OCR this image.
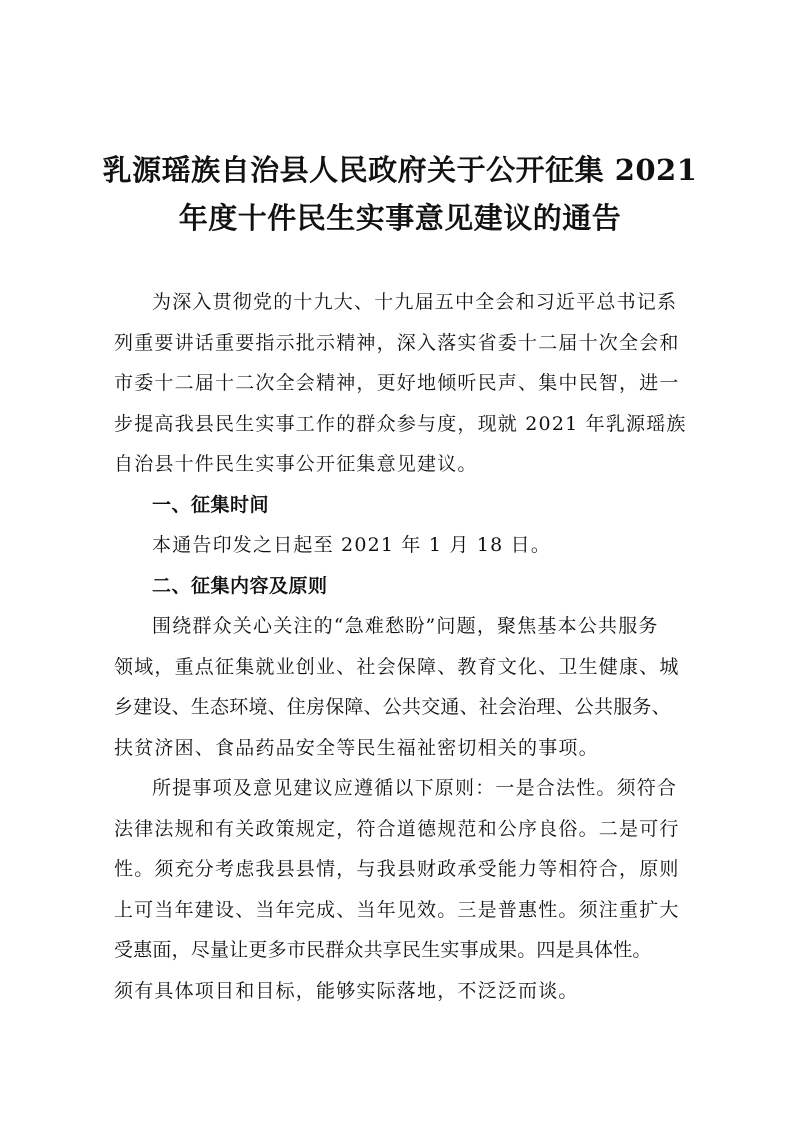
乳源瑶族自治县人民政府关于公开征集 2021
年度十件民生实事意见建议的通告
为深入贯彻党的十九大、十九届五中全会和习近平总书记系
列重要讲话重要指示批示精神，深入落实省委十二届十次全会和
市委十二届十二次全会精神，更好地倾听民声、集中民智，进一
步提高我县民生实事工作的群众参与度，现就 2021 年乳源瑶族
自治县十件民生实事公开征集意见建议。
一、征集时间
本通告印发之日起至 2021 年 1 月 18 日。
二、征集内容及原则
围绕群众关心关注的“急难愁盼”问题，聚焦基本公共服务
领域，重点征集就业创业、社会保障、教育文化、卫生健康、城
乡建设、生态环境、住房保障、公共交通、社会治理、公共服务、
扶贫济困、食品药品安全等民生福祉密切相关的事项。
所提事项及意见建议应遵循以下原则：一是合法性。须符合
法律法规和有关政策规定，符合道德规范和公序良俗。二是可行
性。须充分考虑我县县情，与我县财政承受能力等相符合，原则
上可当年建设、当年完成、当年见效。三是普惠性。须注重扩大
受惠面，尽量让更多市民群众共享民生实事成果。四是具体性。
须有具体项目和目标，能够实际落地，不泛泛而谈。
